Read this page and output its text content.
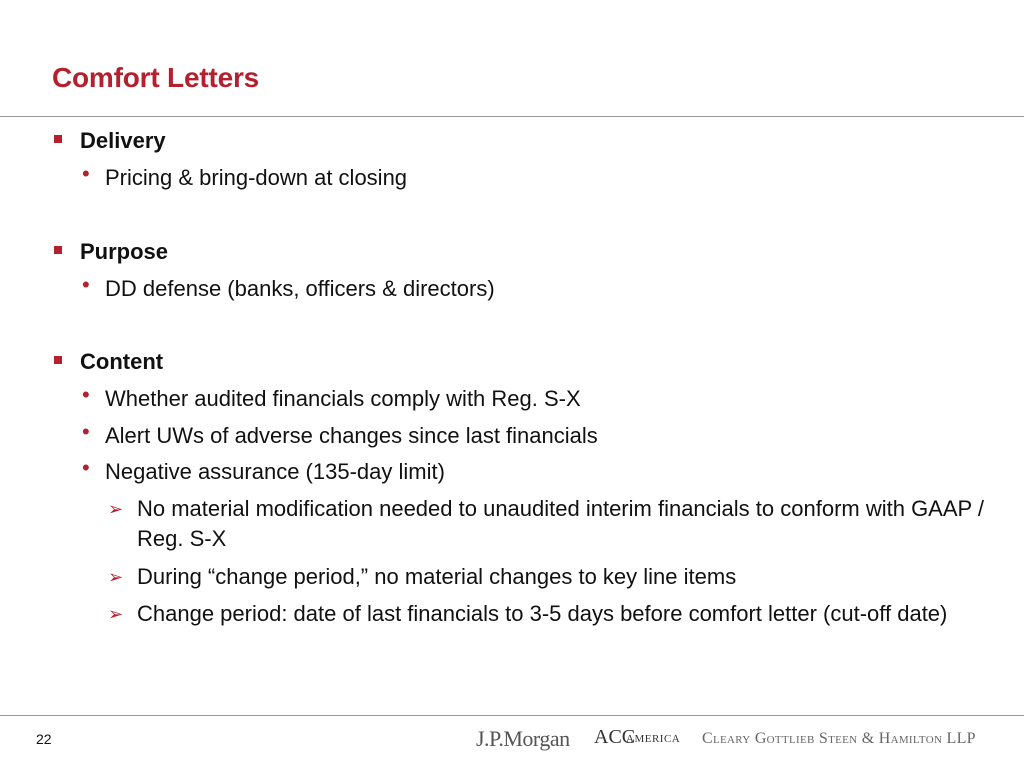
Comfort Letters
Delivery
• Pricing & bring-down at closing
Purpose
• DD defense (banks, officers & directors)
Content
• Whether audited financials comply with Reg. S-X
• Alert UWs of adverse changes since last financials
• Negative assurance (135-day limit)
➢ No material modification needed to unaudited interim financials to conform with GAAP / Reg. S-X
➢ During “change period,” no material changes to key line items
➢ Change period: date of last financials to 3-5 days before comfort letter (cut-off date)
22	J.P.Morgan ACC
AMERICA Cleary Gottlieb Steen & Hamilton LLP
